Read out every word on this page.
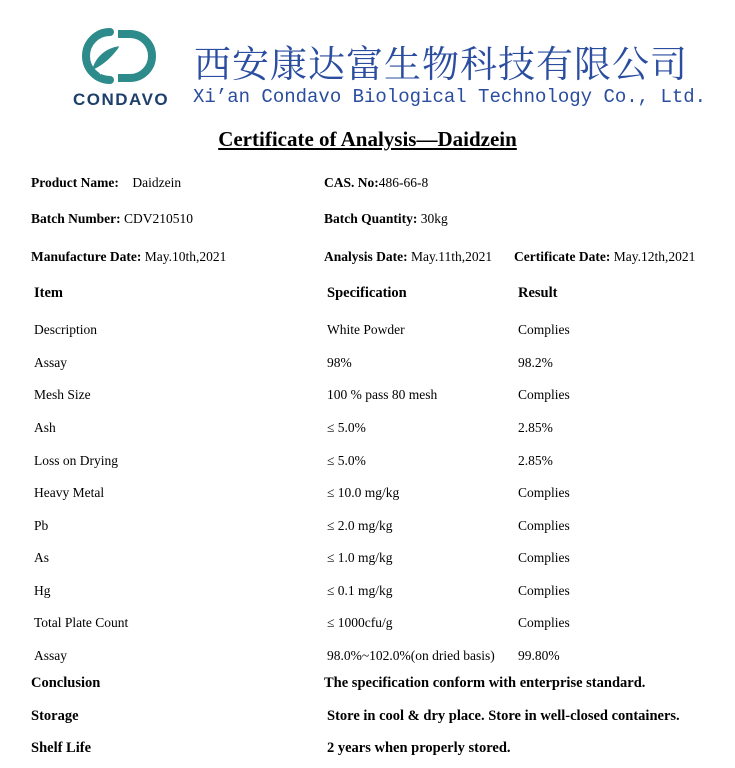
CONDAVO
西安康达富生物科技有限公司
Xi’an Condavo Biological Technology Co., Ltd.
Certificate of Analysis—Daidzein
Product Name: Daidzein	CAS. No:486-66-8
Batch Number: CDV210510	Batch Quantity: 30kg
Manufacture Date: May.10th,2021	Analysis Date: May.11th,2021 Certificate Date: May.12th,2021
Item	Specification	Result
Description	White Powder	Complies
Assay	98%	98.2%
Mesh Size	100 % pass 80 mesh	Complies
Ash	≤ 5.0%	2.85%
Loss on Drying	≤ 5.0%	2.85%
Heavy Metal	≤ 10.0 mg/kg	Complies
Pb	≤ 2.0 mg/kg	Complies
As	≤ 1.0 mg/kg	Complies
Hg	≤ 0.1 mg/kg	Complies
Total Plate Count	≤ 1000cfu/g	Complies
Assay	98.0%~102.0%(on dried basis) 99.80%
Conclusion	The specification conform with enterprise standard.
Storage	Store in cool & dry place. Store in well-closed containers.
Shelf Life	2 years when properly stored.
